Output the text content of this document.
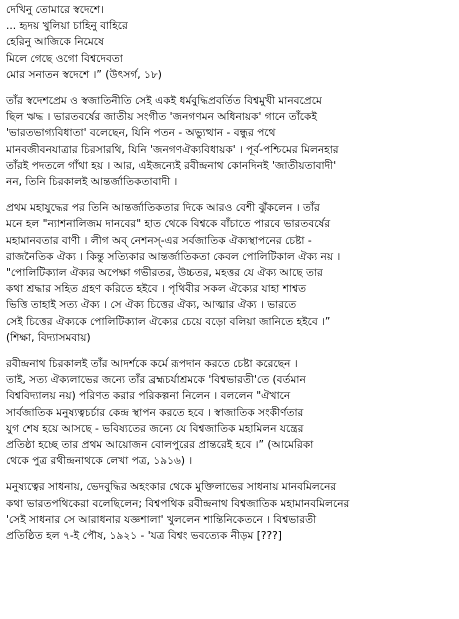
দেখিনু তোমারে স্বদেশে।
... হৃদয় খুলিয়া চাহিনু বাহিরে
হেরিনু আজিকে নিমেষে
মিলে গেছে ওগো বিশ্বদেবতা
মোর সনাতন স্বদেশে ।” (উৎসর্গ, ১৮)
তাঁর স্বদেশপ্রেম ও স্বজাতিনীতি সেই একই ধর্মবুদ্ধিপ্রবর্তিত বিশ্বমুখী মানবপ্রেমে
ছিল ঋদ্ধ । ভারতবর্ষের জাতীয় সংগীত 'জনগণমন অধিনায়ক' গানে তাঁকেই
'ভারতভাগ্যবিধাতা' বলেছেন, যিনি পতন - অভ্যুত্থান - বন্ধুর পথে
মানবজীবনযাত্রার চিরসারথি, যিনি 'জনগণঐক্যবিধায়ক' । পূর্ব-পশ্চিমের মিলনহার
তাঁরই পদতলে গাঁথা হয় । আর, এইজন্যেই রবীন্দ্রনাথ কোনদিনই 'জাতীয়তাবাদী'
নন, তিনি চিরকালই আন্তর্জাতিকতাবাদী ।
প্রথম মহাযুদ্ধের পর তিনি আন্তর্জাতিকতার দিকে আরও বেশী ঝুঁকলেন । তাঁর
মনে হল "ন্যাশনালিজম দানবের" হাত থেকে বিশ্বকে বাঁচাতে পারবে ভারতবর্ষের
মহামানবতার বাণী । লীগ অব্ নেশনস্-এর সর্বজাতিক ঐক্যস্থাপনের চেষ্টা -
রাজনৈতিক ঐক্য । কিন্তু সত্যিকার আন্তর্জাতিকতা কেবল পোলিটিকাল ঐক্য নয় ।
"পোলিটিক্যাল ঐক্যর অপেক্ষা গভীরতর, উচ্চতর, মহত্তর যে ঐক্য আছে তার
কথা শ্রদ্ধার সহিত গ্রহণ করিতে হইবে । পৃথিবীর সকল ঐক্যের যাহা শাশ্বত
ভিত্তি তাহাই সত্য ঐক্য । সে ঐক্য চিত্তের ঐক্য, আত্মার ঐক্য । ভারতে
সেই চিত্তের ঐক্যকে পোলিটিক্যাল ঐক্যের চেয়ে বড়ো বলিয়া জানিতে হইবে ।”
(শিক্ষা, বিদ্যাসমবায়)
রবীন্দ্রনাথ চিরকালই তাঁর আদর্শকে কর্মে রূপদান করতে চেষ্টা করেছেন ।
তাই, সত্য ঐক্যলাভের জন্যে তাঁর ব্রহ্মচর্যাশ্রমকে 'বিশ্বভারতী'তে (বর্তমান
বিশ্ববিদ্যালয় নয়) পরিণত করার পরিকল্পনা নিলেন । বললেন "ঐখানে
সার্বজাতিক মনুষ্যত্বচর্চার কেন্দ্র স্থাপন করতে হবে । স্বাজাতিক সংকীর্ণতার
যুগ শেষ হয়ে আসছে - ভবিষ্যতের জন্যে যে বিশ্বজাতিক মহামিলন যন্ত্রের
প্রতিষ্ঠা হচ্ছে তার প্রথম আয়োজন বোলপুরের প্রান্তরেই হবে ।” (আমেরিকা
থেকে পুত্র রথীন্দ্রনাথকে লেখা পত্র, ১৯১৬) ।
মনুষ্যত্বের সাধনায়, ভেদবুদ্ধির অহংকার থেকে মুক্তিলাভের সাধনায় মানবমিলনের
কথা ভারতপথিকেরা বলেছিলেন; বিশ্বপথিক রবীন্দ্রনাথ বিশ্বজাতিক মহামানবমিলনের
'সেই সাধনার সে আরাধনার যজ্ঞশালা' খুললেন শান্তিনিকেতনে । বিশ্বভারতী
প্রতিষ্ঠিত হল ৭-ই পৌষ, ১৯২১ - 'যত্র বিশ্বং ভবত্যেক নীড়ম [???]
